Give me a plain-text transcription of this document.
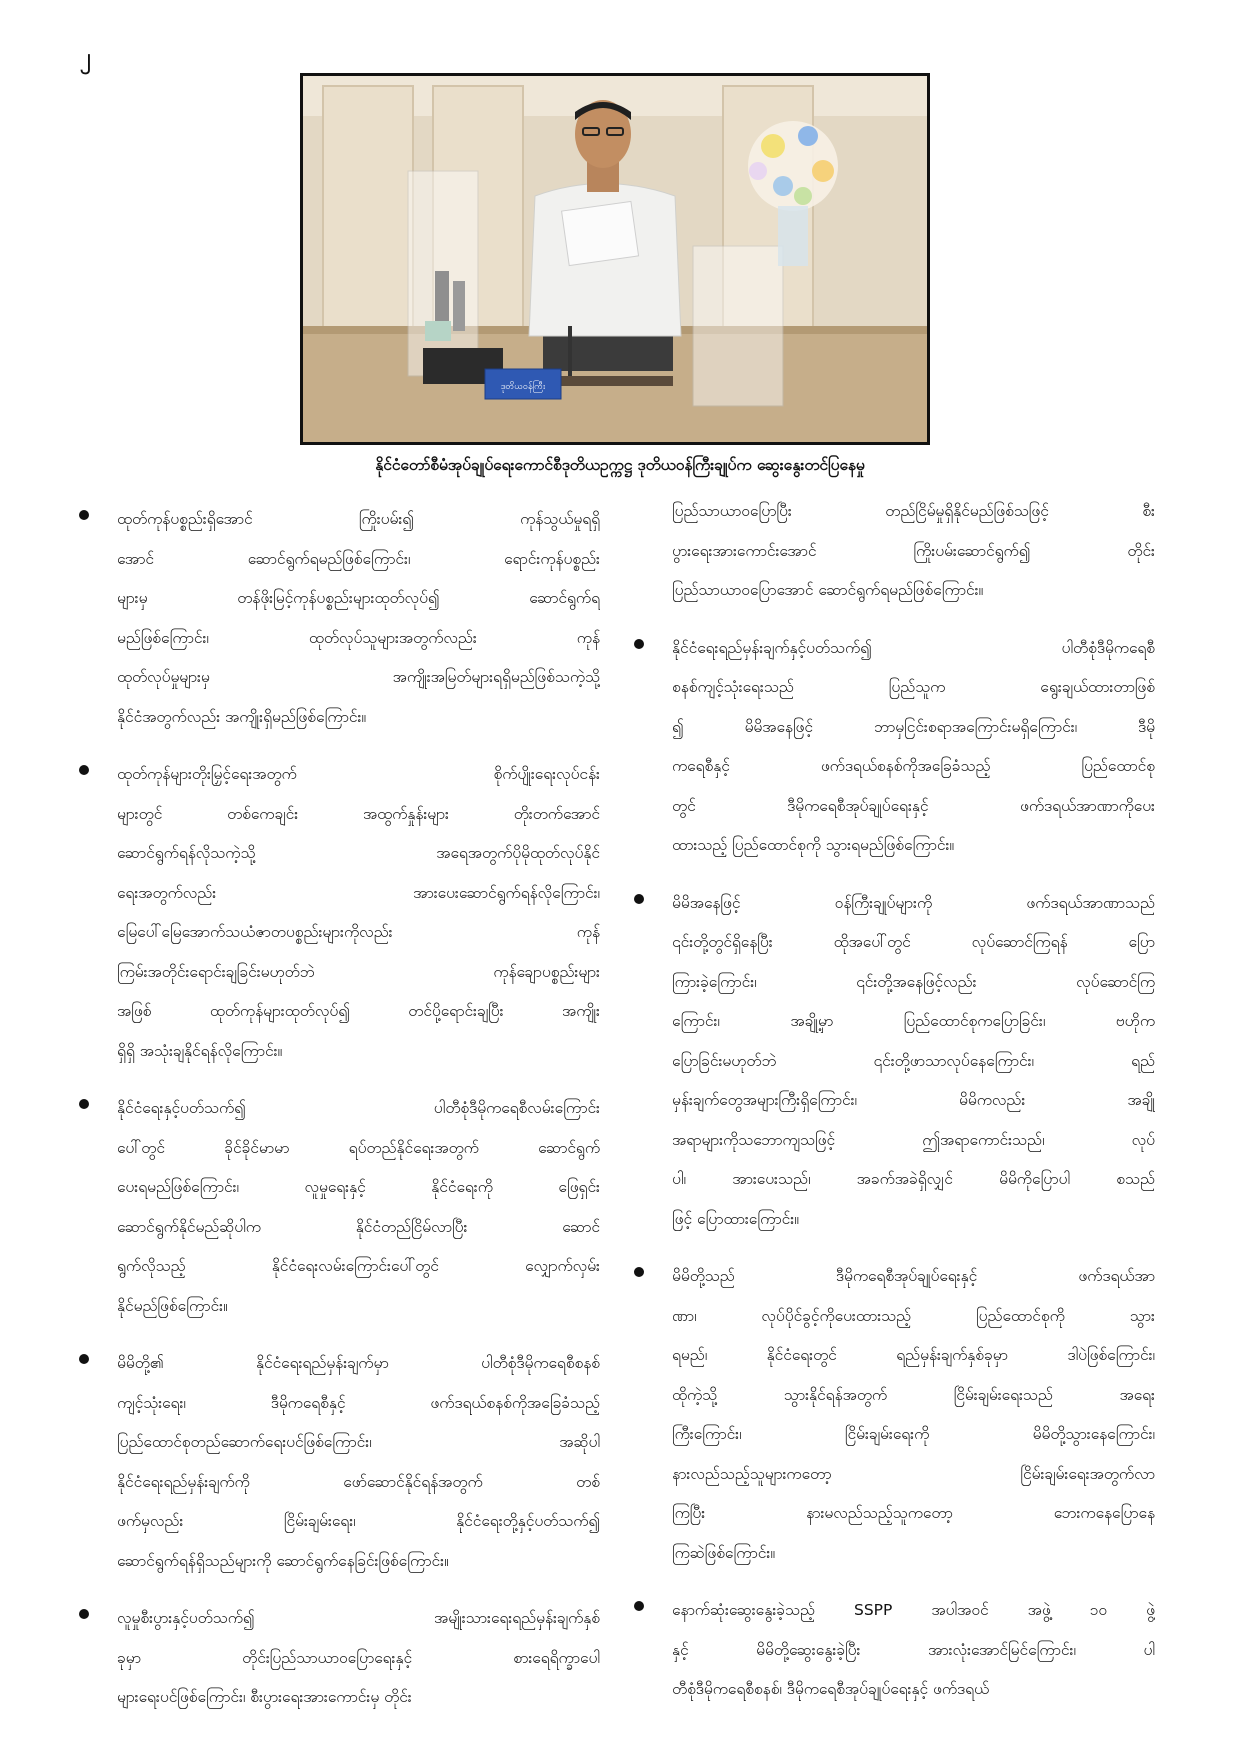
၂
ဒုတိယဝန်ကြီး
နိုင်ငံတော်စီမံအုပ်ချုပ်ရေးကောင်စီဒုတိယဥက္ကဋ္ဌ ဒုတိယဝန်ကြီးချုပ်က ဆွေးနွေးတင်ပြနေမှု
ထုတ်ကုန်ပစ္စည်းရှိအောင် ကြိုးပမ်း၍ ကုန်သွယ်မှုရရှိ
အောင် ဆောင်ရွက်ရမည်ဖြစ်ကြောင်း၊ ရောင်းကုန်ပစ္စည်း
များမှ တန်ဖိုးမြင့်ကုန်ပစ္စည်းများထုတ်လုပ်၍ ဆောင်ရွက်ရ
မည်ဖြစ်ကြောင်း၊ ထုတ်လုပ်သူများအတွက်လည်း ကုန်
ထုတ်လုပ်မှုများမှ အကျိုးအမြတ်များရရှိမည်ဖြစ်သကဲ့သို့
နိုင်ငံအတွက်လည်း အကျိုးရှိမည်ဖြစ်ကြောင်း။
ထုတ်ကုန်များတိုးမြှင့်ရေးအတွက် စိုက်ပျိုးရေးလုပ်ငန်း
များတွင် တစ်ကေချင်း အထွက်နှုန်းများ တိုးတက်အောင်
ဆောင်ရွက်ရန်လိုသကဲ့သို့ အရေအတွက်ပိုမိုထုတ်လုပ်နိုင်
ရေးအတွက်လည်း အားပေးဆောင်ရွက်ရန်လိုကြောင်း၊
မြေပေါ်မြေအောက်သယံဇာတပစ္စည်းများကိုလည်း ကုန်
ကြမ်းအတိုင်းရောင်းချခြင်းမဟုတ်ဘဲ ကုန်ချောပစ္စည်းများ
အဖြစ် ထုတ်ကုန်များထုတ်လုပ်၍ တင်ပို့ရောင်းချပြီး အကျိုး
ရှိရှိ အသုံးချနိုင်ရန်လိုကြောင်း။
နိုင်ငံရေးနှင့်ပတ်သက်၍ ပါတီစုံဒီမိုကရေစီလမ်းကြောင်း
ပေါ်တွင် ခိုင်ခိုင်မာမာ ရပ်တည်နိုင်ရေးအတွက် ဆောင်ရွက်
ပေးရမည်ဖြစ်ကြောင်း၊ လူမှုရေးနှင့် နိုင်ငံရေးကို ဖြေရှင်း
ဆောင်ရွက်နိုင်မည်ဆိုပါက နိုင်ငံတည်ငြိမ်လာပြီး ဆောင်
ရွက်လိုသည့် နိုင်ငံရေးလမ်းကြောင်းပေါ်တွင် လျှောက်လှမ်း
နိုင်မည်ဖြစ်ကြောင်း။
မိမိတို့၏ နိုင်ငံရေးရည်မှန်းချက်မှာ ပါတီစုံဒီမိုကရေစီစနစ်
ကျင့်သုံးရေး၊ ဒီမိုကရေစီနှင့် ဖက်ဒရယ်စနစ်ကိုအခြေခံသည့်
ပြည်ထောင်စုတည်ဆောက်ရေးပင်ဖြစ်ကြောင်း၊ အဆိုပါ
နိုင်ငံရေးရည်မှန်းချက်ကို ဖော်ဆောင်နိုင်ရန်အတွက် တစ်
ဖက်မှလည်း ငြိမ်းချမ်းရေး၊ နိုင်ငံရေးတို့နှင့်ပတ်သက်၍
ဆောင်ရွက်ရန်ရှိသည်များကို ဆောင်ရွက်နေခြင်းဖြစ်ကြောင်း။
လူမှုစီးပွားနှင့်ပတ်သက်၍ အမျိုးသားရေးရည်မှန်းချက်နှစ်
ခုမှာ တိုင်းပြည်သာယာဝပြောရေးနှင့် စားရေရိက္ခာပေါ
များရေးပင်ဖြစ်ကြောင်း၊ စီးပွားရေးအားကောင်းမှ တိုင်း
ပြည်သာယာဝပြောပြီး တည်ငြိမ်မှုရှိနိုင်မည်ဖြစ်သဖြင့် စီး
ပွားရေးအားကောင်းအောင် ကြိုးပမ်းဆောင်ရွက်၍ တိုင်း
ပြည်သာယာဝပြောအောင် ဆောင်ရွက်ရမည်ဖြစ်ကြောင်း။
နိုင်ငံရေးရည်မှန်းချက်နှင့်ပတ်သက်၍ ပါတီစုံဒီမိုကရေစီ
စနစ်ကျင့်သုံးရေးသည် ပြည်သူက ရွေးချယ်ထားတာဖြစ်
၍ မိမိအနေဖြင့် ဘာမှငြင်းစရာအကြောင်းမရှိကြောင်း၊ ဒီမို
ကရေစီနှင့် ဖက်ဒရယ်စနစ်ကိုအခြေခံသည့် ပြည်ထောင်စု
တွင် ဒီမိုကရေစီအုပ်ချုပ်ရေးနှင့် ဖက်ဒရယ်အာဏာကိုပေး
ထားသည့် ပြည်ထောင်စုကို သွားရမည်ဖြစ်ကြောင်း။
မိမိအနေဖြင့် ဝန်ကြီးချုပ်များကို ဖက်ဒရယ်အာဏာသည်
၎င်းတို့တွင်ရှိနေပြီး ထိုအပေါ်တွင် လုပ်ဆောင်ကြရန် ပြော
ကြားခဲ့ကြောင်း၊ ၎င်းတို့အနေဖြင့်လည်း လုပ်ဆောင်ကြ
ကြောင်း၊ အချို့မှာ ပြည်ထောင်စုကပြောခြင်း၊ ဗဟိုက
ပြောခြင်းမဟုတ်ဘဲ ၎င်းတို့ဖာသာလုပ်နေကြောင်း၊ ရည်
မှန်းချက်တွေအများကြီးရှိကြောင်း၊ မိမိကလည်း အချို့
အရာများကိုသဘောကျသဖြင့် ဤအရာကောင်းသည်၊ လုပ်
ပါ၊ အားပေးသည်၊ အခက်အခဲရှိလျှင် မိမိကိုပြောပါ စသည်
ဖြင့် ပြောထားကြောင်း။
မိမိတို့သည် ဒီမိုကရေစီအုပ်ချုပ်ရေးနှင့် ဖက်ဒရယ်အာ
ဏာ၊ လုပ်ပိုင်ခွင့်ကိုပေးထားသည့် ပြည်ထောင်စုကို သွား
ရမည်၊ နိုင်ငံရေးတွင် ရည်မှန်းချက်နှစ်ခုမှာ ဒါပဲဖြစ်ကြောင်း၊
ထိုကဲ့သို့ သွားနိုင်ရန်အတွက် ငြိမ်းချမ်းရေးသည် အရေး
ကြီးကြောင်း၊ ငြိမ်းချမ်းရေးကို မိမိတို့သွားနေကြောင်း၊
နားလည်သည့်သူများကတော့ ငြိမ်းချမ်းရေးအတွက်လာ
ကြပြီး နားမလည်သည့်သူကတော့ ဘေးကနေပြောနေ
ကြဆဲဖြစ်ကြောင်း။
နောက်ဆုံးဆွေးနွေးခဲ့သည့် SSPP အပါအဝင် အဖွဲ့ ၁၀ ဖွဲ့
နှင့် မိမိတို့ဆွေးနွေးခဲ့ပြီး အားလုံးအောင်မြင်ကြောင်း၊ ပါ
တီစုံဒီမိုကရေစီစနစ်၊ ဒီမိုကရေစီအုပ်ချုပ်ရေးနှင့် ဖက်ဒရယ်
